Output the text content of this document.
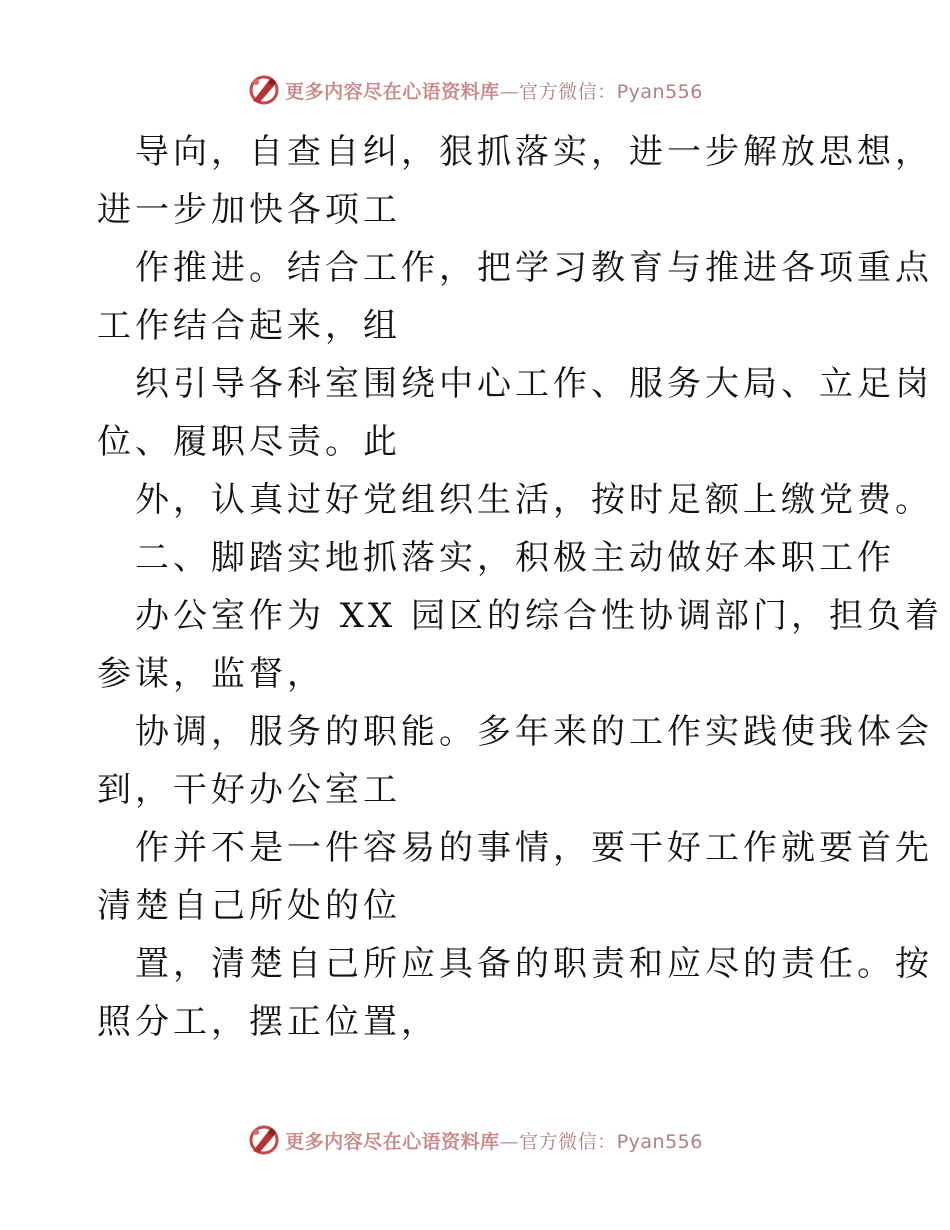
更多内容尽在心语资料库—官方微信：Pyan556

导向，自查自纠，狠抓落实，进一步解放思想，

进一步加快各项工

作推进。结合工作，把学习教育与推进各项重点

工作结合起来，组

织引导各科室围绕中心工作、服务大局、立足岗

位、履职尽责。此

外，认真过好党组织生活，按时足额上缴党费。

二、脚踏实地抓落实，积极主动做好本职工作

办公室作为 XX 园区的综合性协调部门，担负着

参谋，监督，

协调，服务的职能。多年来的工作实践使我体会

到，干好办公室工

作并不是一件容易的事情，要干好工作就要首先

清楚自己所处的位

置，清楚自己所应具备的职责和应尽的责任。按

照分工，摆正位置，

更多内容尽在心语资料库—官方微信：Pyan556
